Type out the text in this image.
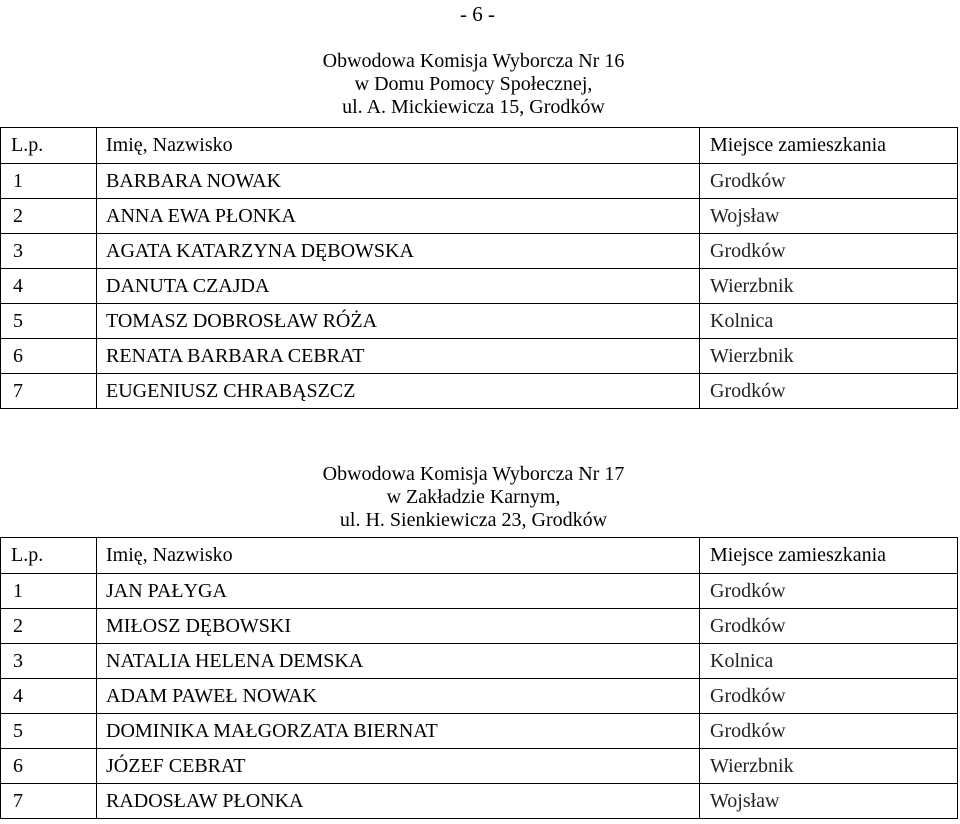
- 6 -
Obwodowa Komisja Wyborcza Nr 16
w Domu Pomocy Społecznej,
ul. A. Mickiewicza 15, Grodków
L.p.	Imię, Nazwisko	Miejsce zamieszkania
1	BARBARA NOWAK	Grodków
2	ANNA EWA PŁONKA	Wojsław
3	AGATA KATARZYNA DĘBOWSKA	Grodków
4	DANUTA CZAJDA	Wierzbnik
5	TOMASZ DOBROSŁAW RÓŻA	Kolnica
6	RENATA BARBARA CEBRAT	Wierzbnik
7	EUGENIUSZ CHRABĄSZCZ	Grodków
Obwodowa Komisja Wyborcza Nr 17
w Zakładzie Karnym,
ul. H. Sienkiewicza 23, Grodków
L.p.	Imię, Nazwisko	Miejsce zamieszkania
1	JAN PAŁYGA	Grodków
2	MIŁOSZ DĘBOWSKI	Grodków
3	NATALIA HELENA DEMSKA	Kolnica
4	ADAM PAWEŁ NOWAK	Grodków
5	DOMINIKA MAŁGORZATA BIERNAT	Grodków
6	JÓZEF CEBRAT	Wierzbnik
7	RADOSŁAW PŁONKA	Wojsław
